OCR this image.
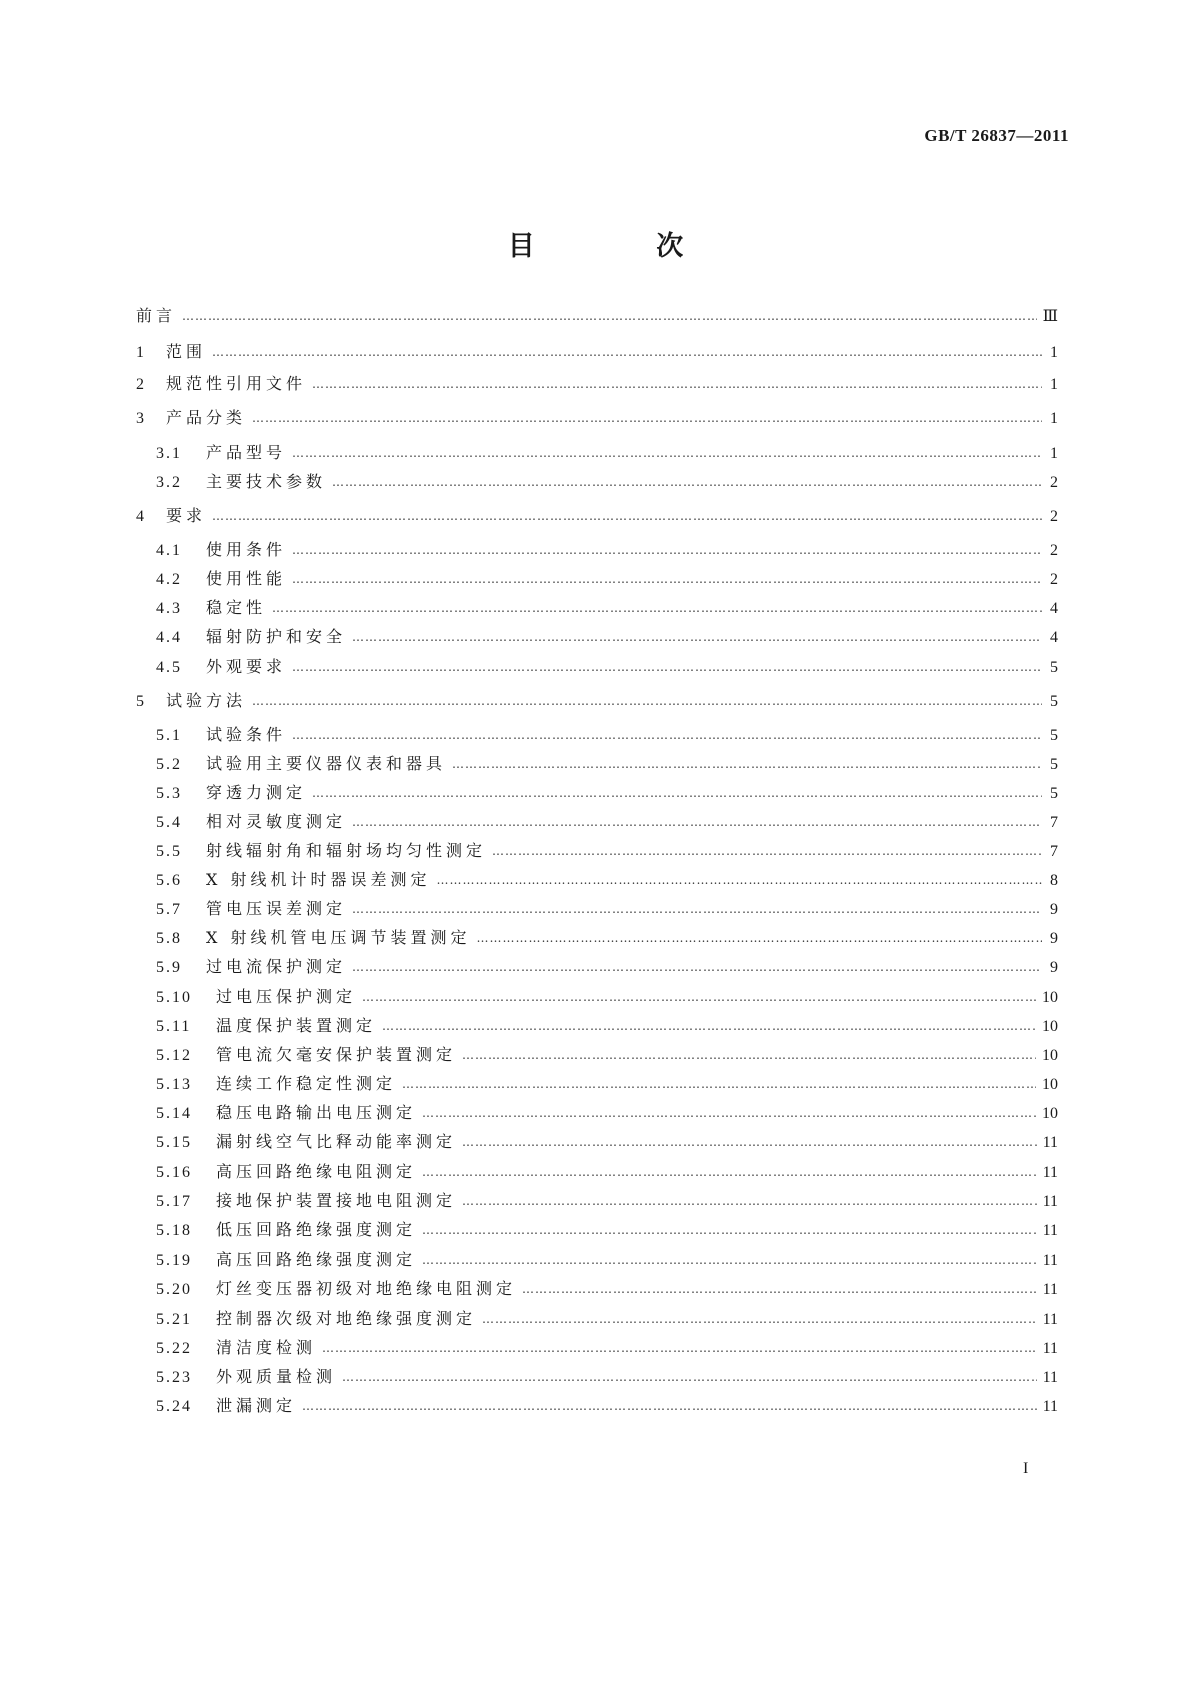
GB/T 26837—2011
目 次
前言 ………………………………………………………………………………………………………………………………………………………………………………………………………………	Ⅲ
1	范围 ………………………………………………………………………………………………………………………………………………………………………………………………………………	1
2	规范性引用文件 ………………………………………………………………………………………………………………………………………………………………………………………………………………	1
3	产品分类 ………………………………………………………………………………………………………………………………………………………………………………………………………………	1
3.1	产品型号 ………………………………………………………………………………………………………………………………………………………………………………………………………………	1
3.2	主要技术参数 ………………………………………………………………………………………………………………………………………………………………………………………………………………	2
4	要求 ………………………………………………………………………………………………………………………………………………………………………………………………………………	2
4.1	使用条件 ………………………………………………………………………………………………………………………………………………………………………………………………………………	2
4.2	使用性能 ………………………………………………………………………………………………………………………………………………………………………………………………………………	2
4.3	稳定性 ………………………………………………………………………………………………………………………………………………………………………………………………………………	4
4.4	辐射防护和安全 ………………………………………………………………………………………………………………………………………………………………………………………………………………	4
4.5	外观要求 ………………………………………………………………………………………………………………………………………………………………………………………………………………	5
5	试验方法 ………………………………………………………………………………………………………………………………………………………………………………………………………………	5
5.1	试验条件 ………………………………………………………………………………………………………………………………………………………………………………………………………………	5
5.2	试验用主要仪器仪表和器具 ………………………………………………………………………………………………………………………………………………………………………………………………………………	5
5.3	穿透力测定 ………………………………………………………………………………………………………………………………………………………………………………………………………………	5
5.4	相对灵敏度测定 ………………………………………………………………………………………………………………………………………………………………………………………………………………	7
5.5	射线辐射角和辐射场均匀性测定 ………………………………………………………………………………………………………………………………………………………………………………………………………………	7
5.6	X 射线机计时器误差测定 ………………………………………………………………………………………………………………………………………………………………………………………………………………	8
5.7	管电压误差测定 ………………………………………………………………………………………………………………………………………………………………………………………………………………	9
5.8	X 射线机管电压调节装置测定 ………………………………………………………………………………………………………………………………………………………………………………………………………………	9
5.9	过电流保护测定 ………………………………………………………………………………………………………………………………………………………………………………………………………………	9
5.10	过电压保护测定 ………………………………………………………………………………………………………………………………………………………………………………………………………………	10
5.11	温度保护装置测定 ………………………………………………………………………………………………………………………………………………………………………………………………………………	10
5.12	管电流欠毫安保护装置测定 ………………………………………………………………………………………………………………………………………………………………………………………………………………	10
5.13	连续工作稳定性测定 ………………………………………………………………………………………………………………………………………………………………………………………………………………	10
5.14	稳压电路输出电压测定 ………………………………………………………………………………………………………………………………………………………………………………………………………………	10
5.15	漏射线空气比释动能率测定 ………………………………………………………………………………………………………………………………………………………………………………………………………………	11
5.16	高压回路绝缘电阻测定 ………………………………………………………………………………………………………………………………………………………………………………………………………………	11
5.17	接地保护装置接地电阻测定 ………………………………………………………………………………………………………………………………………………………………………………………………………………	11
5.18	低压回路绝缘强度测定 ………………………………………………………………………………………………………………………………………………………………………………………………………………	11
5.19	高压回路绝缘强度测定 ………………………………………………………………………………………………………………………………………………………………………………………………………………	11
5.20	灯丝变压器初级对地绝缘电阻测定 ………………………………………………………………………………………………………………………………………………………………………………………………………………	11
5.21	控制器次级对地绝缘强度测定 ………………………………………………………………………………………………………………………………………………………………………………………………………………	11
5.22	清洁度检测 ………………………………………………………………………………………………………………………………………………………………………………………………………………	11
5.23	外观质量检测 ………………………………………………………………………………………………………………………………………………………………………………………………………………	11
5.24	泄漏测定 ………………………………………………………………………………………………………………………………………………………………………………………………………………	11
I
